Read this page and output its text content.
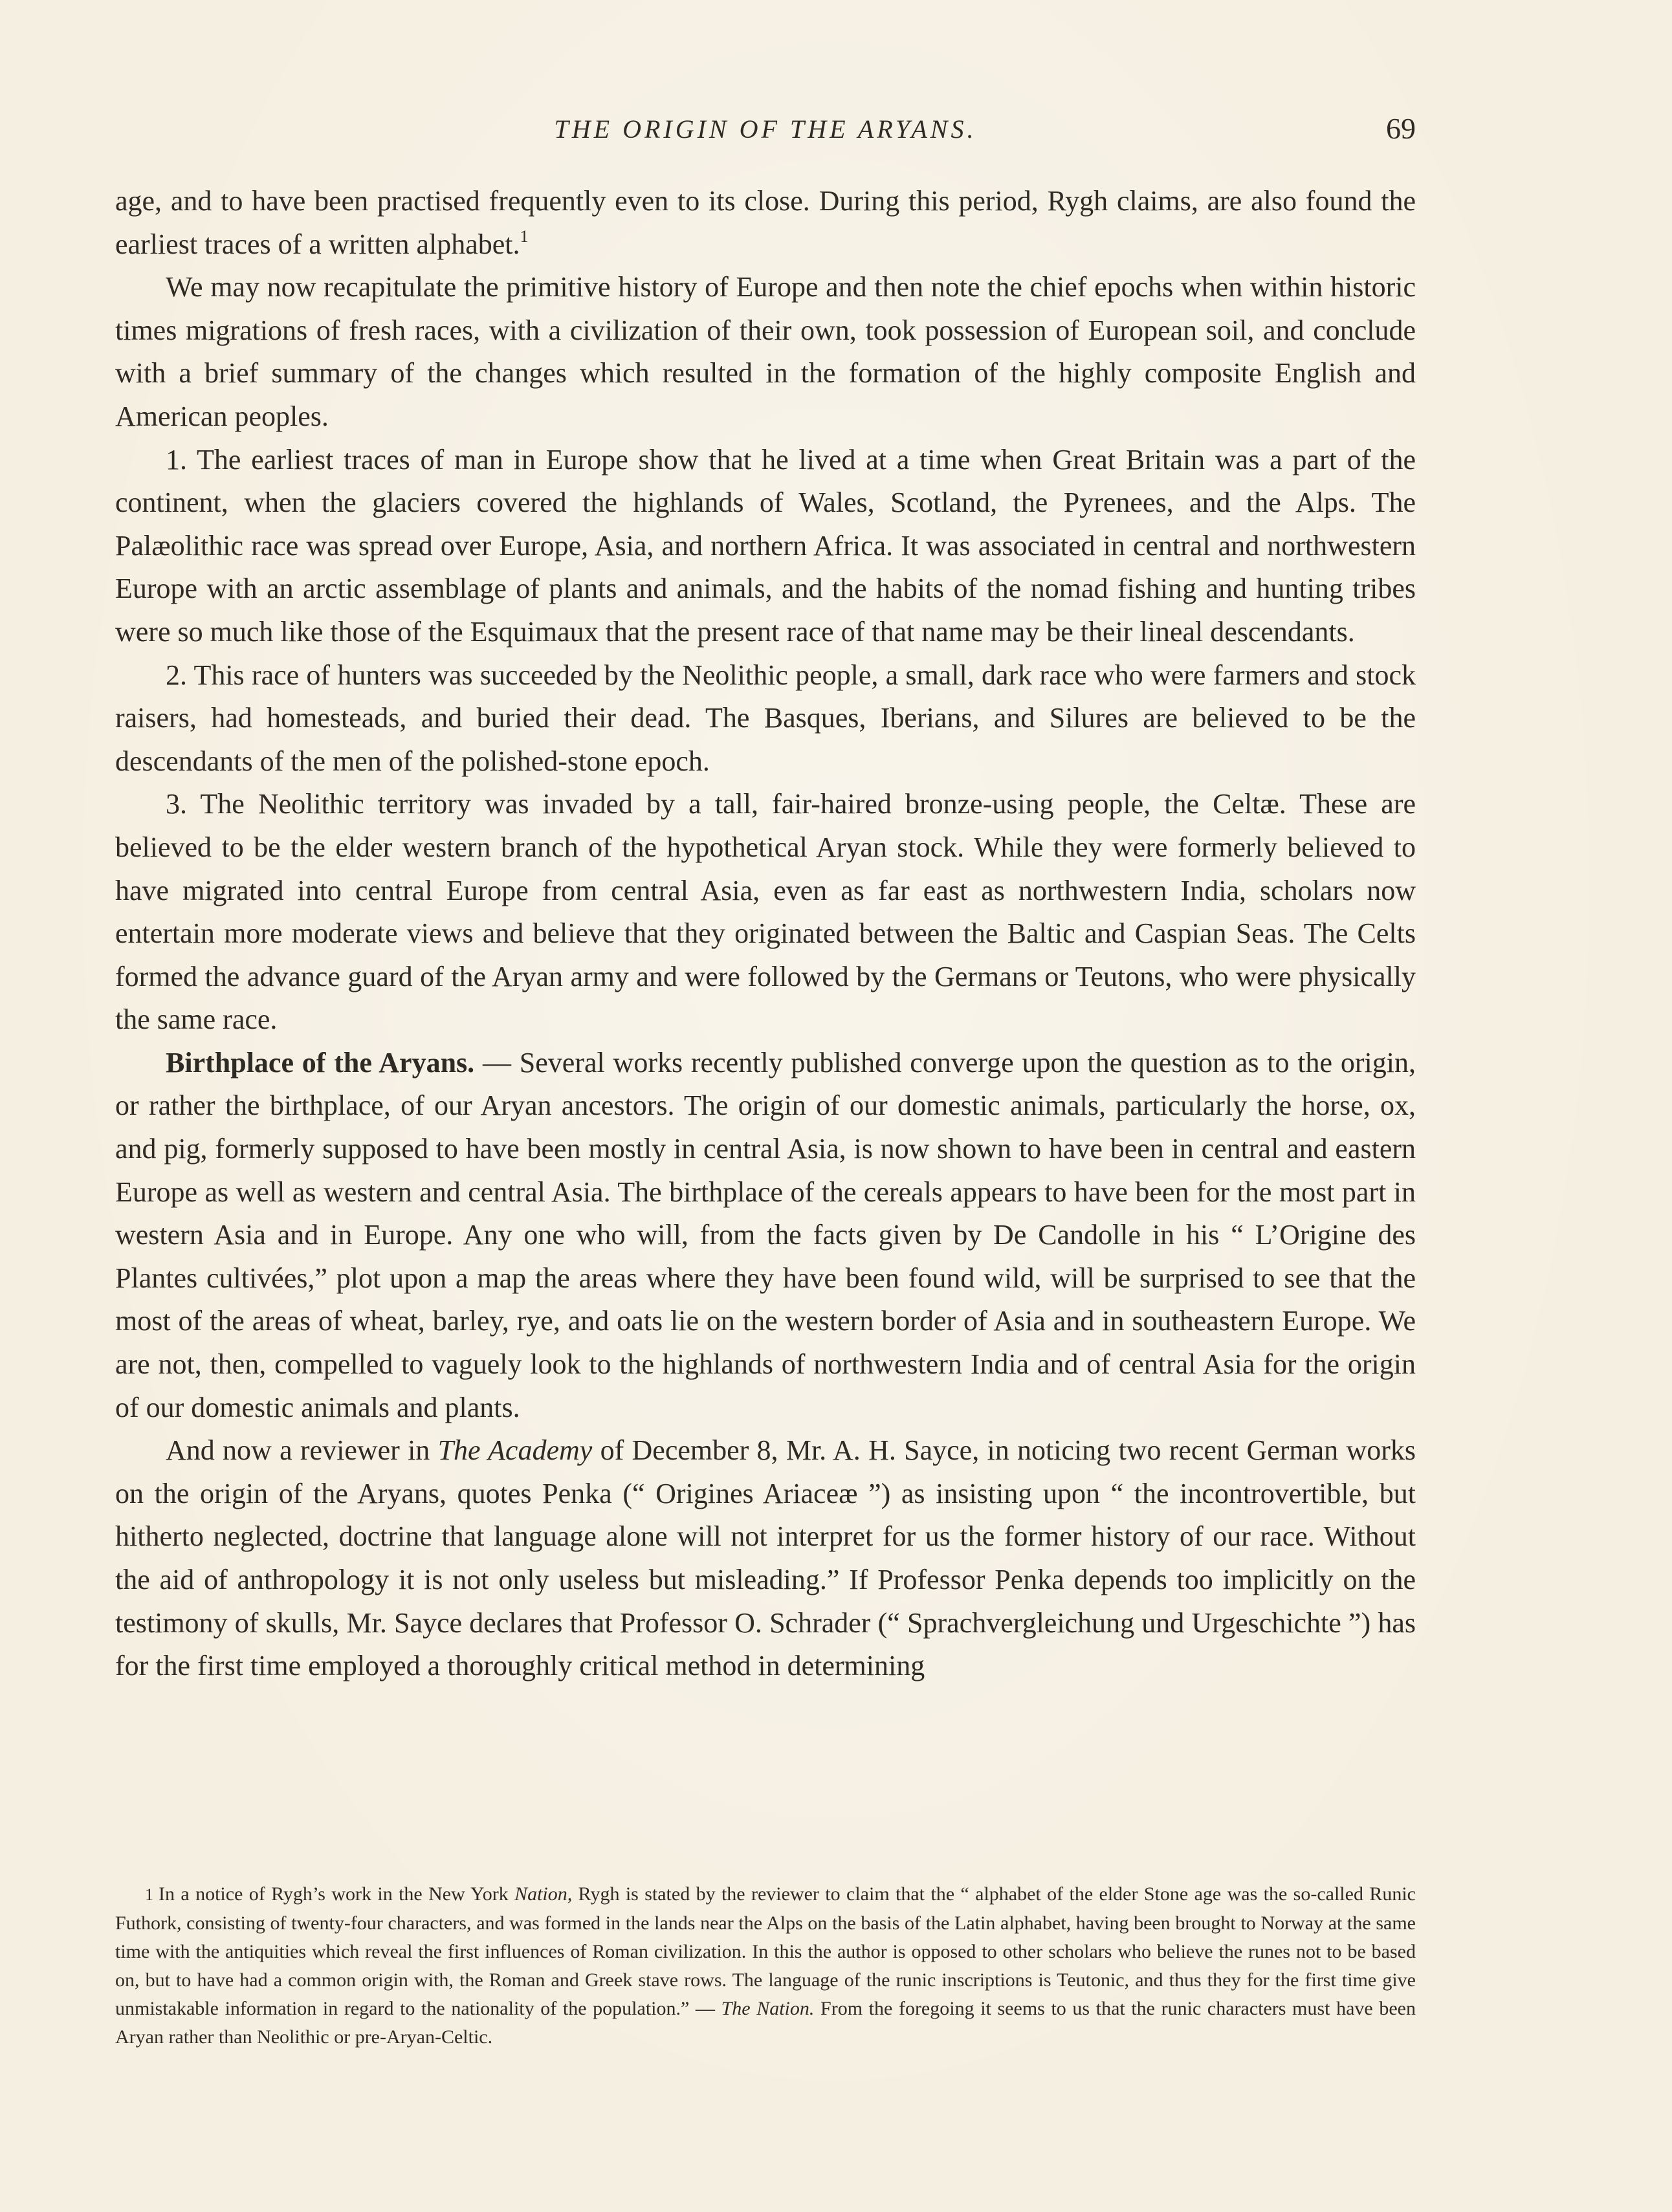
THE ORIGIN OF THE ARYANS.	69

age, and to have been practised frequently even to its close. During this period, Rygh claims, are also found the earliest traces of a written alphabet.$^1$

We may now recapitulate the primitive history of Europe and then note the chief epochs when within historic times migrations of fresh races, with a civilization of their own, took possession of European soil, and conclude with a brief summary of the changes which resulted in the formation of the highly composite English and American peoples.

1. The earliest traces of man in Europe show that he lived at a time when Great Britain was a part of the continent, when the glaciers covered the highlands of Wales, Scotland, the Pyrenees, and the Alps. The Palæolithic race was spread over Europe, Asia, and northern Africa. It was associated in central and northwestern Europe with an arctic assemblage of plants and animals, and the habits of the nomad fishing and hunting tribes were so much like those of the Esquimaux that the present race of that name may be their lineal descendants.

2. This race of hunters was succeeded by the Neolithic people, a small, dark race who were farmers and stock raisers, had homesteads, and buried their dead. The Basques, Iberians, and Silures are believed to be the descendants of the men of the polished-stone epoch.

3. The Neolithic territory was invaded by a tall, fair-haired bronze-using people, the Celtæ. These are believed to be the elder western branch of the hypothetical Aryan stock. While they were formerly believed to have migrated into central Europe from central Asia, even as far east as northwestern India, scholars now entertain more moderate views and believe that they originated between the Baltic and Caspian Seas. The Celts formed the advance guard of the Aryan army and were followed by the Germans or Teutons, who were physically the same race.

Birthplace of the Aryans. — Several works recently published converge upon the question as to the origin, or rather the birthplace, of our Aryan ancestors. The origin of our domestic animals, particularly the horse, ox, and pig, formerly supposed to have been mostly in central Asia, is now shown to have been in central and eastern Europe as well as western and central Asia. The birthplace of the cereals appears to have been for the most part in western Asia and in Europe. Any one who will, from the facts given by De Candolle in his “ L’Origine des Plantes cultivées,” plot upon a map the areas where they have been found wild, will be surprised to see that the most of the areas of wheat, barley, rye, and oats lie on the western border of Asia and in southeastern Europe. We are not, then, compelled to vaguely look to the highlands of northwestern India and of central Asia for the origin of our domestic animals and plants.

And now a reviewer in The Academy of December 8, Mr. A. H. Sayce, in noticing two recent German works on the origin of the Aryans, quotes Penka (“ Origines Ariaceæ ”) as insisting upon “ the incontrovertible, but hitherto neglected, doctrine that language alone will not interpret for us the former history of our race. Without the aid of anthropology it is not only useless but misleading.” If Professor Penka depends too implicitly on the testimony of skulls, Mr. Sayce declares that Professor O. Schrader (“ Sprachvergleichung und Urgeschichte ”) has for the first time employed a thoroughly critical method in determining

1 In a notice of Rygh’s work in the New York Nation, Rygh is stated by the reviewer to claim that the “ alphabet of the elder Stone age was the so-called Runic Futhork, consisting of twenty-four characters, and was formed in the lands near the Alps on the basis of the Latin alphabet, having been brought to Norway at the same time with the antiquities which reveal the first influences of Roman civilization. In this the author is opposed to other scholars who believe the runes not to be based on, but to have had a common origin with, the Roman and Greek stave rows. The language of the runic inscriptions is Teutonic, and thus they for the first time give unmistakable information in regard to the nationality of the population.” — The Nation. From the foregoing it seems to us that the runic characters must have been Aryan rather than Neolithic or pre-Aryan-Celtic.
